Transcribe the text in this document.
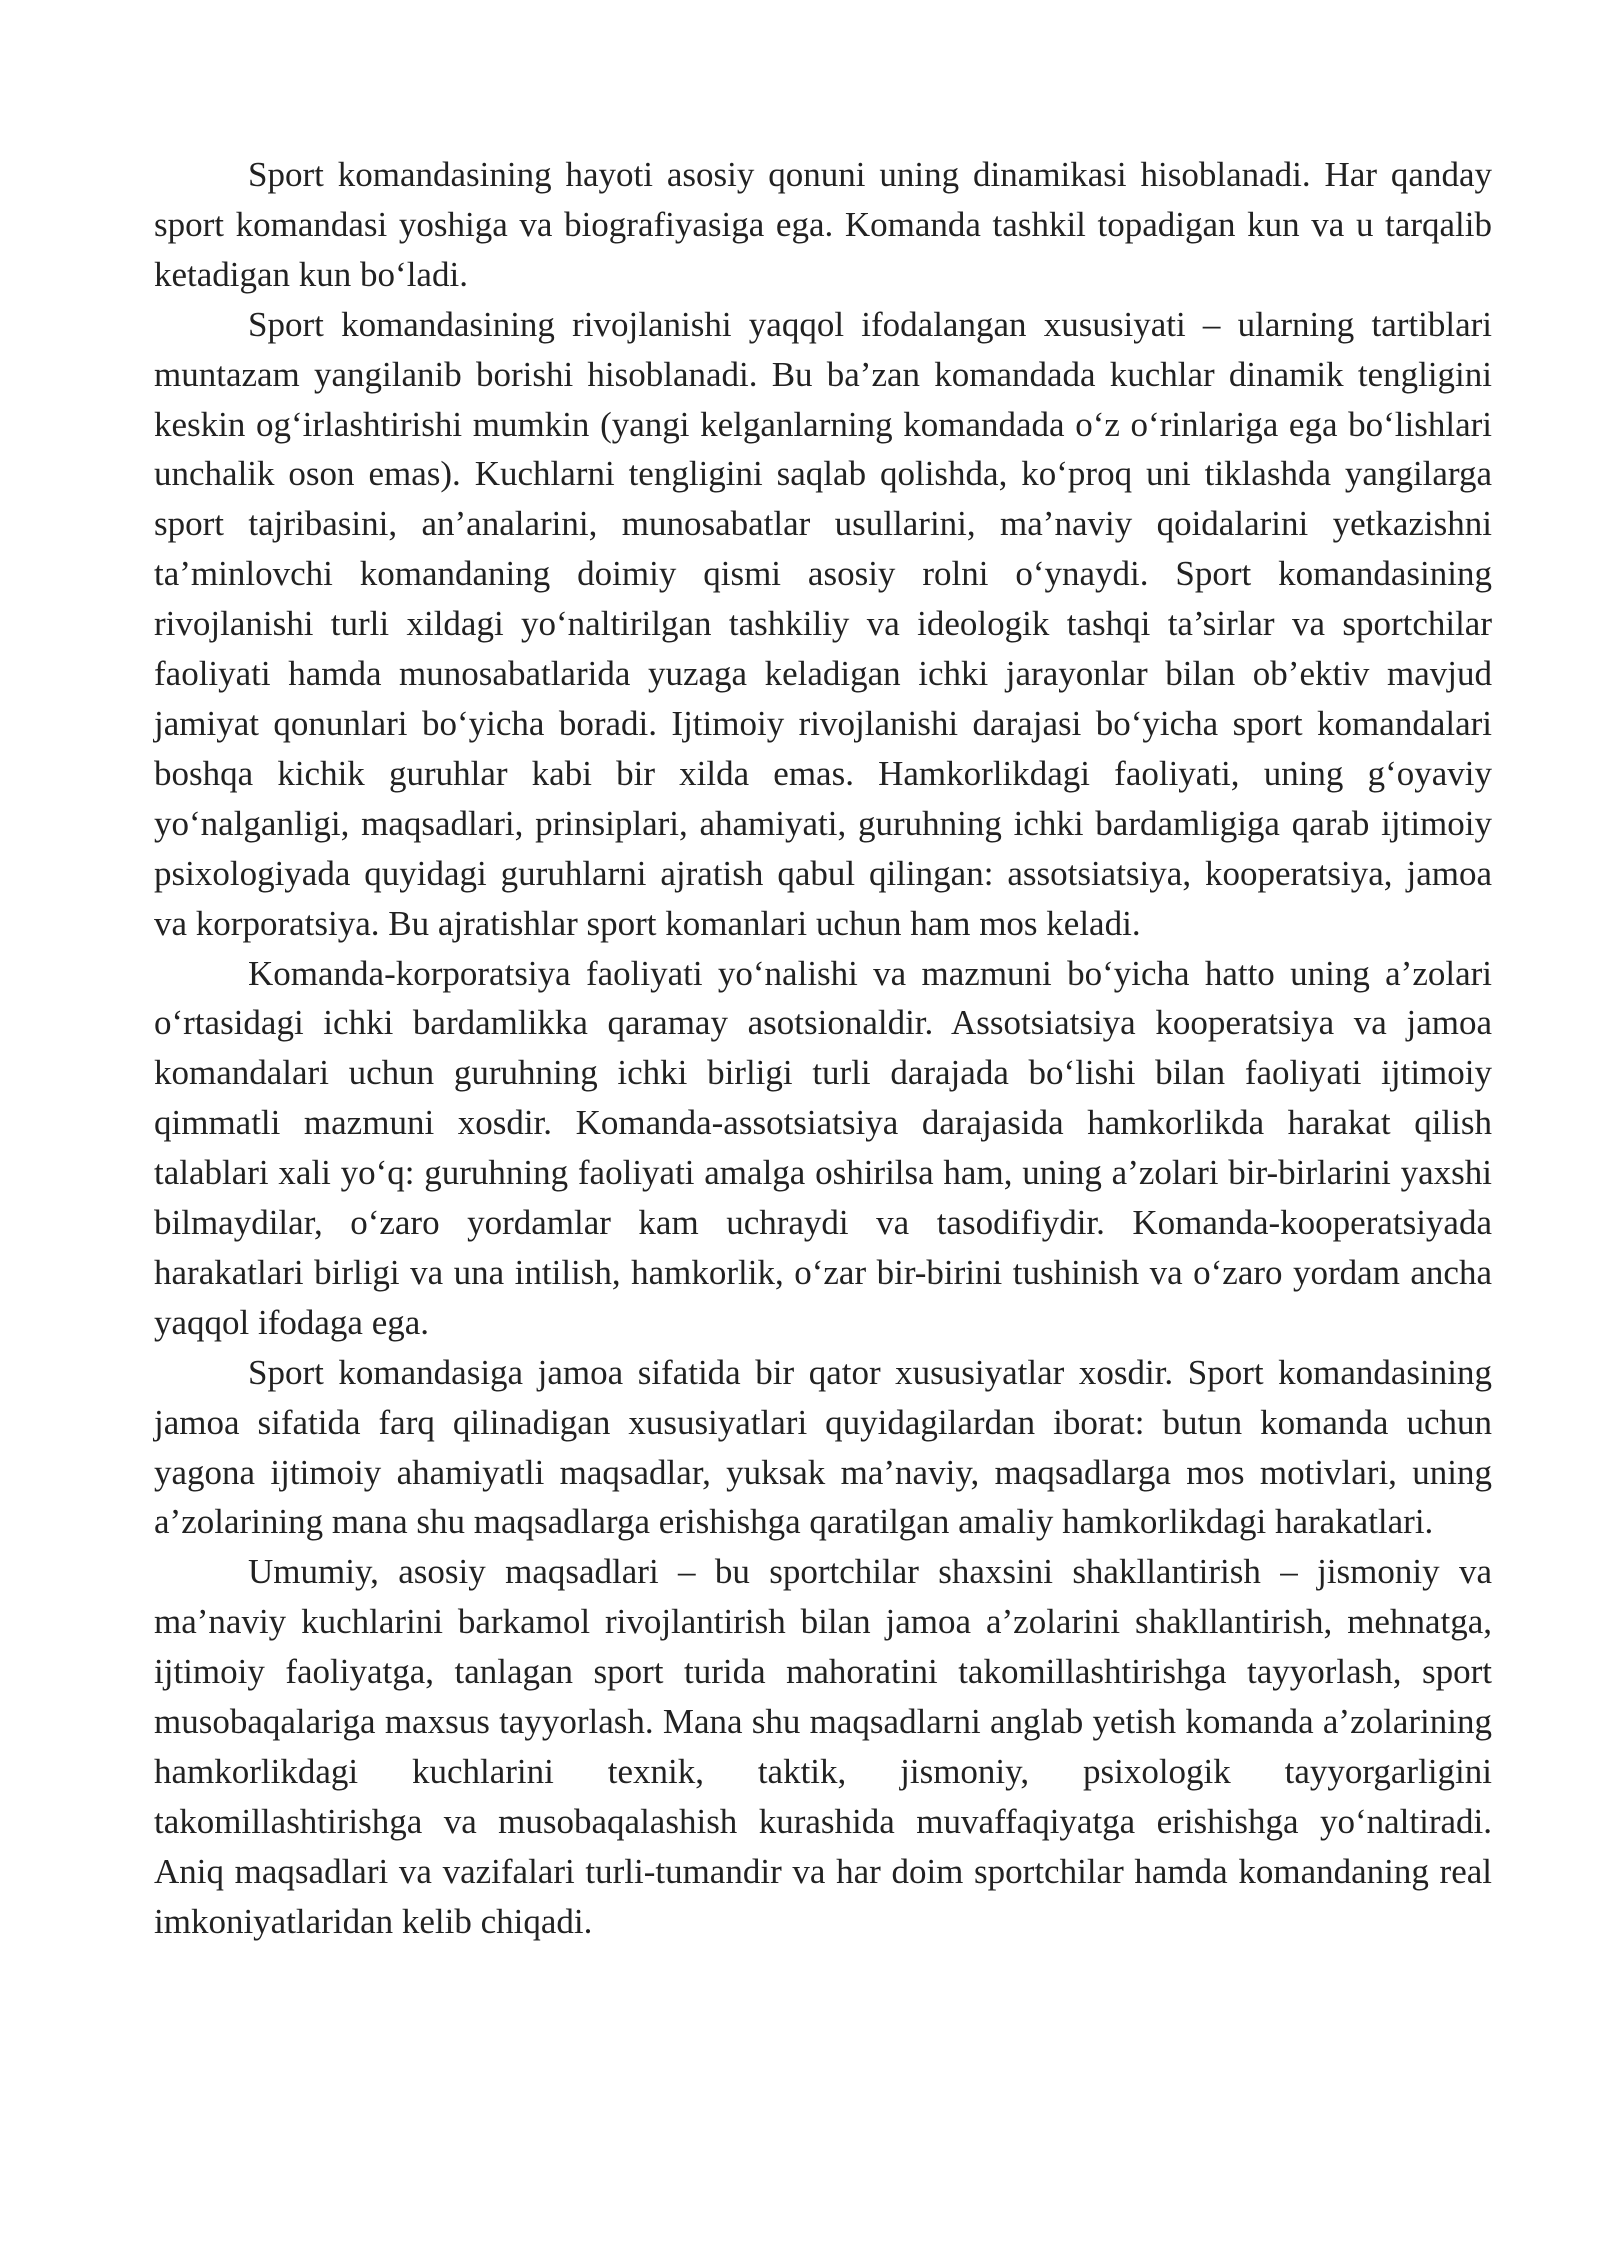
Sport komandasining hayoti asosiy qonuni uning dinamikasi hisoblanadi. Har qanday sport komandasi yoshiga va biografiyasiga ega. Komanda tashkil topadigan kun va u tarqalib ketadigan kun bo‘ladi.

Sport komandasining rivojlanishi yaqqol ifodalangan xususiyati – ularning tartiblari muntazam yangilanib borishi hisoblanadi. Bu ba’zan komandada kuchlar dinamik tengligini keskin og‘irlashtirishi mumkin (yangi kelganlarning komandada o‘z o‘rinlariga ega bo‘lishlari unchalik oson emas). Kuchlarni tengligini saqlab qolishda, ko‘proq uni tiklashda yangilarga sport tajribasini, an’analarini, munosabatlar usullarini, ma’naviy qoidalarini yetkazishni ta’minlovchi komandaning doimiy qismi asosiy rolni o‘ynaydi. Sport komandasining rivojlanishi turli xildagi yo‘naltirilgan tashkiliy va ideologik tashqi ta’sirlar va sportchilar faoliyati hamda munosabatlarida yuzaga keladigan ichki jarayonlar bilan ob’ektiv mavjud jamiyat qonunlari bo‘yicha boradi. Ijtimoiy rivojlanishi darajasi bo‘yicha sport komandalari boshqa kichik guruhlar kabi bir xilda emas. Hamkorlikdagi faoliyati, uning g‘oyaviy yo‘nalganligi, maqsadlari, prinsiplari, ahamiyati, guruhning ichki bardamligiga qarab ijtimoiy psixologiyada quyidagi guruhlarni ajratish qabul qilingan: assotsiatsiya, kooperatsiya, jamoa va korporatsiya. Bu ajratishlar sport komanlari uchun ham mos keladi.

Komanda-korporatsiya faoliyati yo‘nalishi va mazmuni bo‘yicha hatto uning a’zolari o‘rtasidagi ichki bardamlikka qaramay asotsionaldir. Assotsiatsiya kooperatsiya va jamoa komandalari uchun guruhning ichki birligi turli darajada bo‘lishi bilan faoliyati ijtimoiy qimmatli mazmuni xosdir. Komanda-assotsiatsiya darajasida hamkorlikda harakat qilish talablari xali yo‘q: guruhning faoliyati amalga oshirilsa ham, uning a’zolari bir-birlarini yaxshi bilmaydilar, o‘zaro yordamlar kam uchraydi va tasodifiydir. Komanda-kooperatsiyada harakatlari birligi va una intilish, hamkorlik, o‘zar bir-birini tushinish va o‘zaro yordam ancha yaqqol ifodaga ega.

Sport komandasiga jamoa sifatida bir qator xususiyatlar xosdir. Sport komandasining jamoa sifatida farq qilinadigan xususiyatlari quyidagilardan iborat: butun komanda uchun yagona ijtimoiy ahamiyatli maqsadlar, yuksak ma’naviy, maqsadlarga mos motivlari, uning a’zolarining mana shu maqsadlarga erishishga qaratilgan amaliy hamkorlikdagi harakatlari.

Umumiy, asosiy maqsadlari – bu sportchilar shaxsini shakllantirish – jismoniy va ma’naviy kuchlarini barkamol rivojlantirish bilan jamoa a’zolarini shakllantirish, mehnatga, ijtimoiy faoliyatga, tanlagan sport turida mahoratini takomillashtirishga tayyorlash, sport musobaqalariga maxsus tayyorlash. Mana shu maqsadlarni anglab yetish komanda a’zolarining hamkorlikdagi kuchlarini texnik, taktik, jismoniy, psixologik tayyorgarligini takomillashtirishga va musobaqalashish kurashida muvaffaqiyatga erishishga yo‘naltiradi. Aniq maqsadlari va vazifalari turli-tumandir va har doim sportchilar hamda komandaning real imkoniyatlaridan kelib chiqadi.
